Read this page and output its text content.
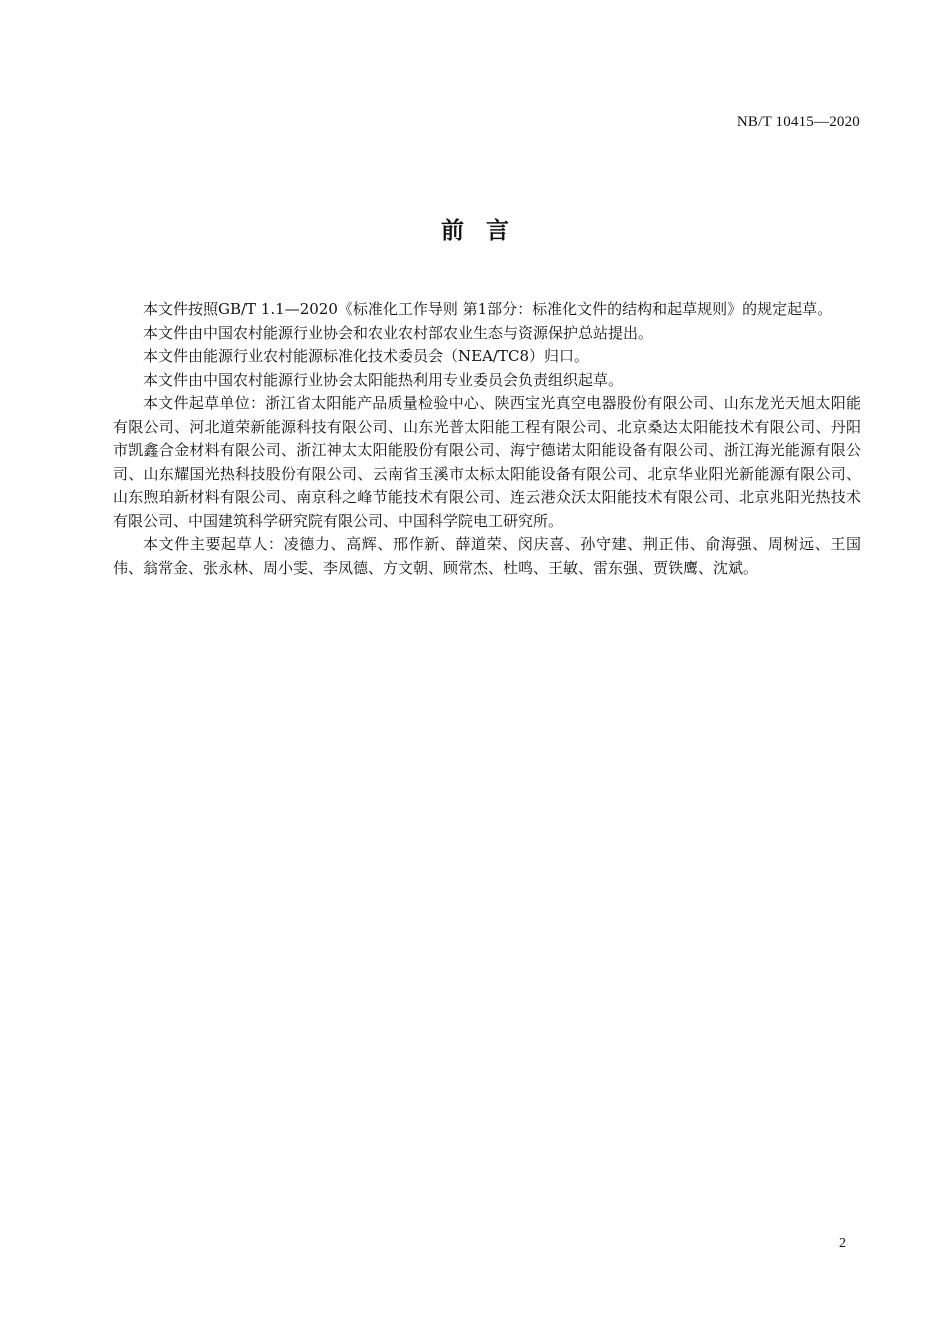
NB/T 10415—2020
前言

本文件按照GB/T 1.1—2020《标准化工作导则 第1部分：标准化文件的结构和起草规则》的规定起草。

本文件由中国农村能源行业协会和农业农村部农业生态与资源保护总站提出。

本文件由能源行业农村能源标准化技术委员会（NEA/TC8）归口。

本文件由中国农村能源行业协会太阳能热利用专业委员会负责组织起草。

本文件起草单位：浙江省太阳能产品质量检验中心、陕西宝光真空电器股份有限公司、山东龙光天旭太阳能有限公司、河北道荣新能源科技有限公司、山东光普太阳能工程有限公司、北京桑达太阳能技术有限公司、丹阳市凯鑫合金材料有限公司、浙江神太太阳能股份有限公司、海宁德诺太阳能设备有限公司、浙江海光能源有限公司、山东耀国光热科技股份有限公司、云南省玉溪市太标太阳能设备有限公司、北京华业阳光新能源有限公司、山东煦珀新材料有限公司、南京科之峰节能技术有限公司、连云港众沃太阳能技术有限公司、北京兆阳光热技术有限公司、中国建筑科学研究院有限公司、中国科学院电工研究所。

本文件主要起草人：凌德力、高辉、邢作新、薛道荣、闵庆喜、孙守建、荆正伟、俞海强、周树远、王国伟、翁常金、张永林、周小雯、李凤德、方文朝、顾常杰、杜鸣、王敏、雷东强、贾铁鹰、沈斌。

2
